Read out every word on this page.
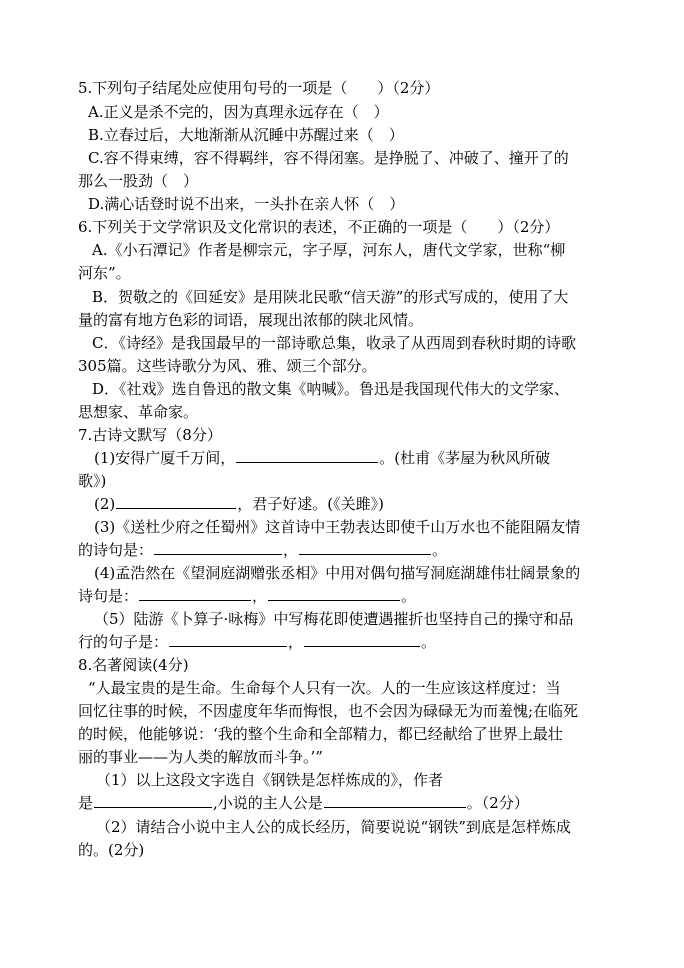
5.下列句子结尾处应使用句号的一项是（　　）（2分）
A.正义是杀不完的，因为真理永远存在（　）
B.立春过后，大地渐渐从沉睡中苏醒过来（　）
C.容不得束缚，容不得羁绊，容不得闭塞。是挣脱了、冲破了、撞开了的
那么一股劲（　）
D.满心话登时说不出来，一头扑在亲人怀（　）
6.下列关于文学常识及文化常识的表述，不正确的一项是（　　）（2分）
A.《小石潭记》作者是柳宗元，字子厚，河东人，唐代文学家，世称“柳
河东”。
B．贺敬之的《回延安》是用陕北民歌“信天游”的形式写成的，使用了大
量的富有地方色彩的词语，展现出浓郁的陕北风情。
C．《诗经》是我国最早的一部诗歌总集，收录了从西周到春秋时期的诗歌
305篇。这些诗歌分为风、雅、颂三个部分。
D．《社戏》选自鲁迅的散文集《呐喊》。鲁迅是我国现代伟大的文学家、
思想家、革命家。
7.古诗文默写（8分）
(1)安得广厦千万间，	。(杜甫《茅屋为秋风所破
歌》)
(2)	，君子好逑。(《关雎》)
(3)《送杜少府之任蜀州》这首诗中王勃表达即使千山万水也不能阻隔友情
的诗句是：	，	。
(4)孟浩然在《望洞庭湖赠张丞相》中用对偶句描写洞庭湖雄伟壮阔景象的
诗句是：	，	。
（5）陆游《卜算子·咏梅》中写梅花即使遭遇摧折也坚持自己的操守和品
行的句子是：	，	。
8.名著阅读(4分)
“人最宝贵的是生命。生命每个人只有一次。人的一生应该这样度过：当
回忆往事的时候，不因虚度年华而悔恨，也不会因为碌碌无为而羞愧;在临死
的时候，他能够说：‘我的整个生命和全部精力，都已经献给了世界上最壮
丽的事业——为人类的解放而斗争。’”
（1）以上这段文字选自《钢铁是怎样炼成的》，作者
是	,小说的主人公是	。（2分）
（2）请结合小说中主人公的成长经历，简要说说“钢铁”到底是怎样炼成
的。(2分)
